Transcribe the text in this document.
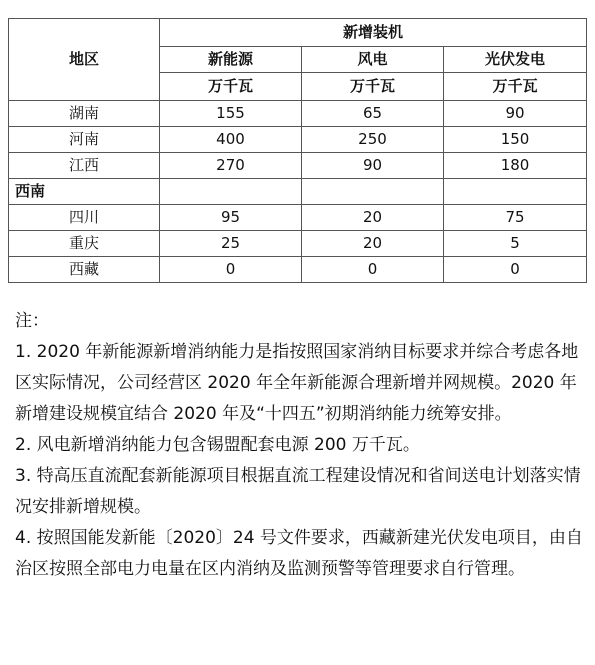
地区	新增装机		
	新能源	风电	光伏发电
	万千瓦	万千瓦	万千瓦
湖南	155	65	90
河南	400	250	150
江西	270	90	180
西南			
四川	95	20	75
重庆	25	20	5
西藏	0	0	0

注：

1. 2020 年新能源新增消纳能力是指按照国家消纳目标要求并综合考虑各地区实际情况，公司经营区 2020 年全年新能源合理新增并网规模。2020 年新增建设规模宜结合 2020 年及“十四五”初期消纳能力统筹安排。

2. 风电新增消纳能力包含锡盟配套电源 200 万千瓦。

3. 特高压直流配套新能源项目根据直流工程建设情况和省间送电计划落实情况安排新增规模。

4. 按照国能发新能〔2020〕24 号文件要求，西藏新建光伏发电项目，由自治区按照全部电力电量在区内消纳及监测预警等管理要求自行管理。
